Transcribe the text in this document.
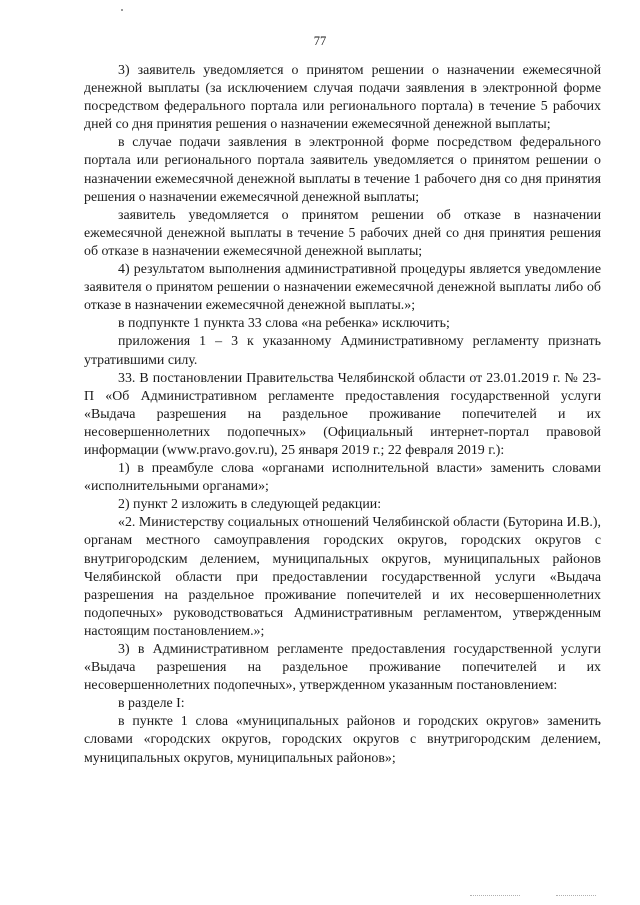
77

3) заявитель уведомляется о принятом решении о назначении ежемесячной денежной выплаты (за исключением случая подачи заявления в электронной форме посредством федерального портала или регионального портала) в течение 5 рабочих дней со дня принятия решения о назначении ежемесячной денежной выплаты;

в случае подачи заявления в электронной форме посредством федерального портала или регионального портала заявитель уведомляется о принятом решении о назначении ежемесячной денежной выплаты в течение 1 рабочего дня со дня принятия решения о назначении ежемесячной денежной выплаты;

заявитель уведомляется о принятом решении об отказе в назначении ежемесячной денежной выплаты в течение 5 рабочих дней со дня принятия решения об отказе в назначении ежемесячной денежной выплаты;

4) результатом выполнения административной процедуры является уведомление заявителя о принятом решении о назначении ежемесячной денежной выплаты либо об отказе в назначении ежемесячной денежной выплаты.»;

в подпункте 1 пункта 33 слова «на ребенка» исключить;

приложения 1 – 3 к указанному Административному регламенту признать утратившими силу.

33. В постановлении Правительства Челябинской области от 23.01.2019 г. № 23-П «Об Административном регламенте предоставления государственной услуги «Выдача разрешения на раздельное проживание попечителей и их несовершеннолетних подопечных» (Официальный интернет-портал правовой информации (www.pravo.gov.ru), 25 января 2019 г.; 22 февраля 2019 г.):

1) в преамбуле слова «органами исполнительной власти» заменить словами «исполнительными органами»;

2) пункт 2 изложить в следующей редакции:

«2. Министерству социальных отношений Челябинской области (Буторина И.В.), органам местного самоуправления городских округов, городских округов с внутригородским делением, муниципальных округов, муниципальных районов Челябинской области при предоставлении государственной услуги «Выдача разрешения на раздельное проживание попечителей и их несовершеннолетних подопечных» руководствоваться Административным регламентом, утвержденным настоящим постановлением.»;

3) в Административном регламенте предоставления государственной услуги «Выдача разрешения на раздельное проживание попечителей и их несовершеннолетних подопечных», утвержденном указанным постановлением:

в разделе I:

в пункте 1 слова «муниципальных районов и городских округов» заменить словами «городских округов, городских округов с внутригородским делением, муниципальных округов, муниципальных районов»;
